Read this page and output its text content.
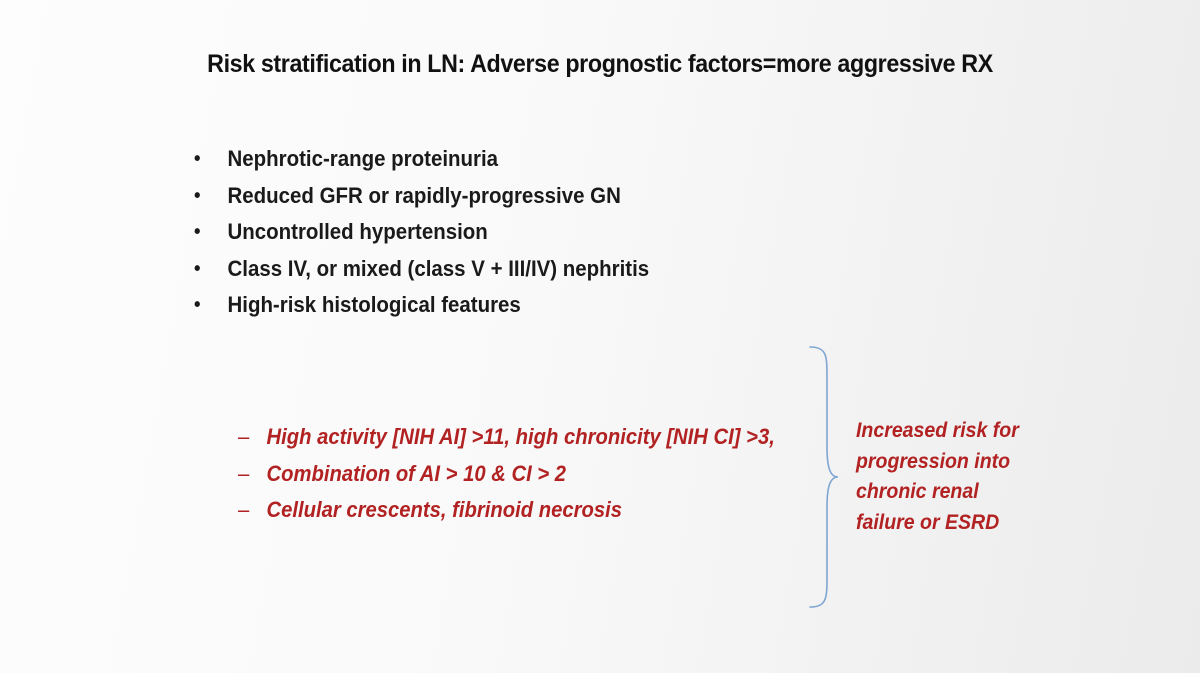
Risk stratification in LN: Adverse prognostic factors=more aggressive RX
•	Nephrotic-range proteinuria
•	Reduced GFR or rapidly-progressive GN
•	Uncontrolled hypertension
•	Class IV, or mixed (class V + III/IV) nephritis
•	High-risk histological features
– High activity [NIH AI] >11, high chronicity [NIH CI] >3,
– Combination of AI > 10 & CI > 2
– Cellular crescents, fibrinoid necrosis
Increased risk for
progression into
chronic renal
failure or ESRD
